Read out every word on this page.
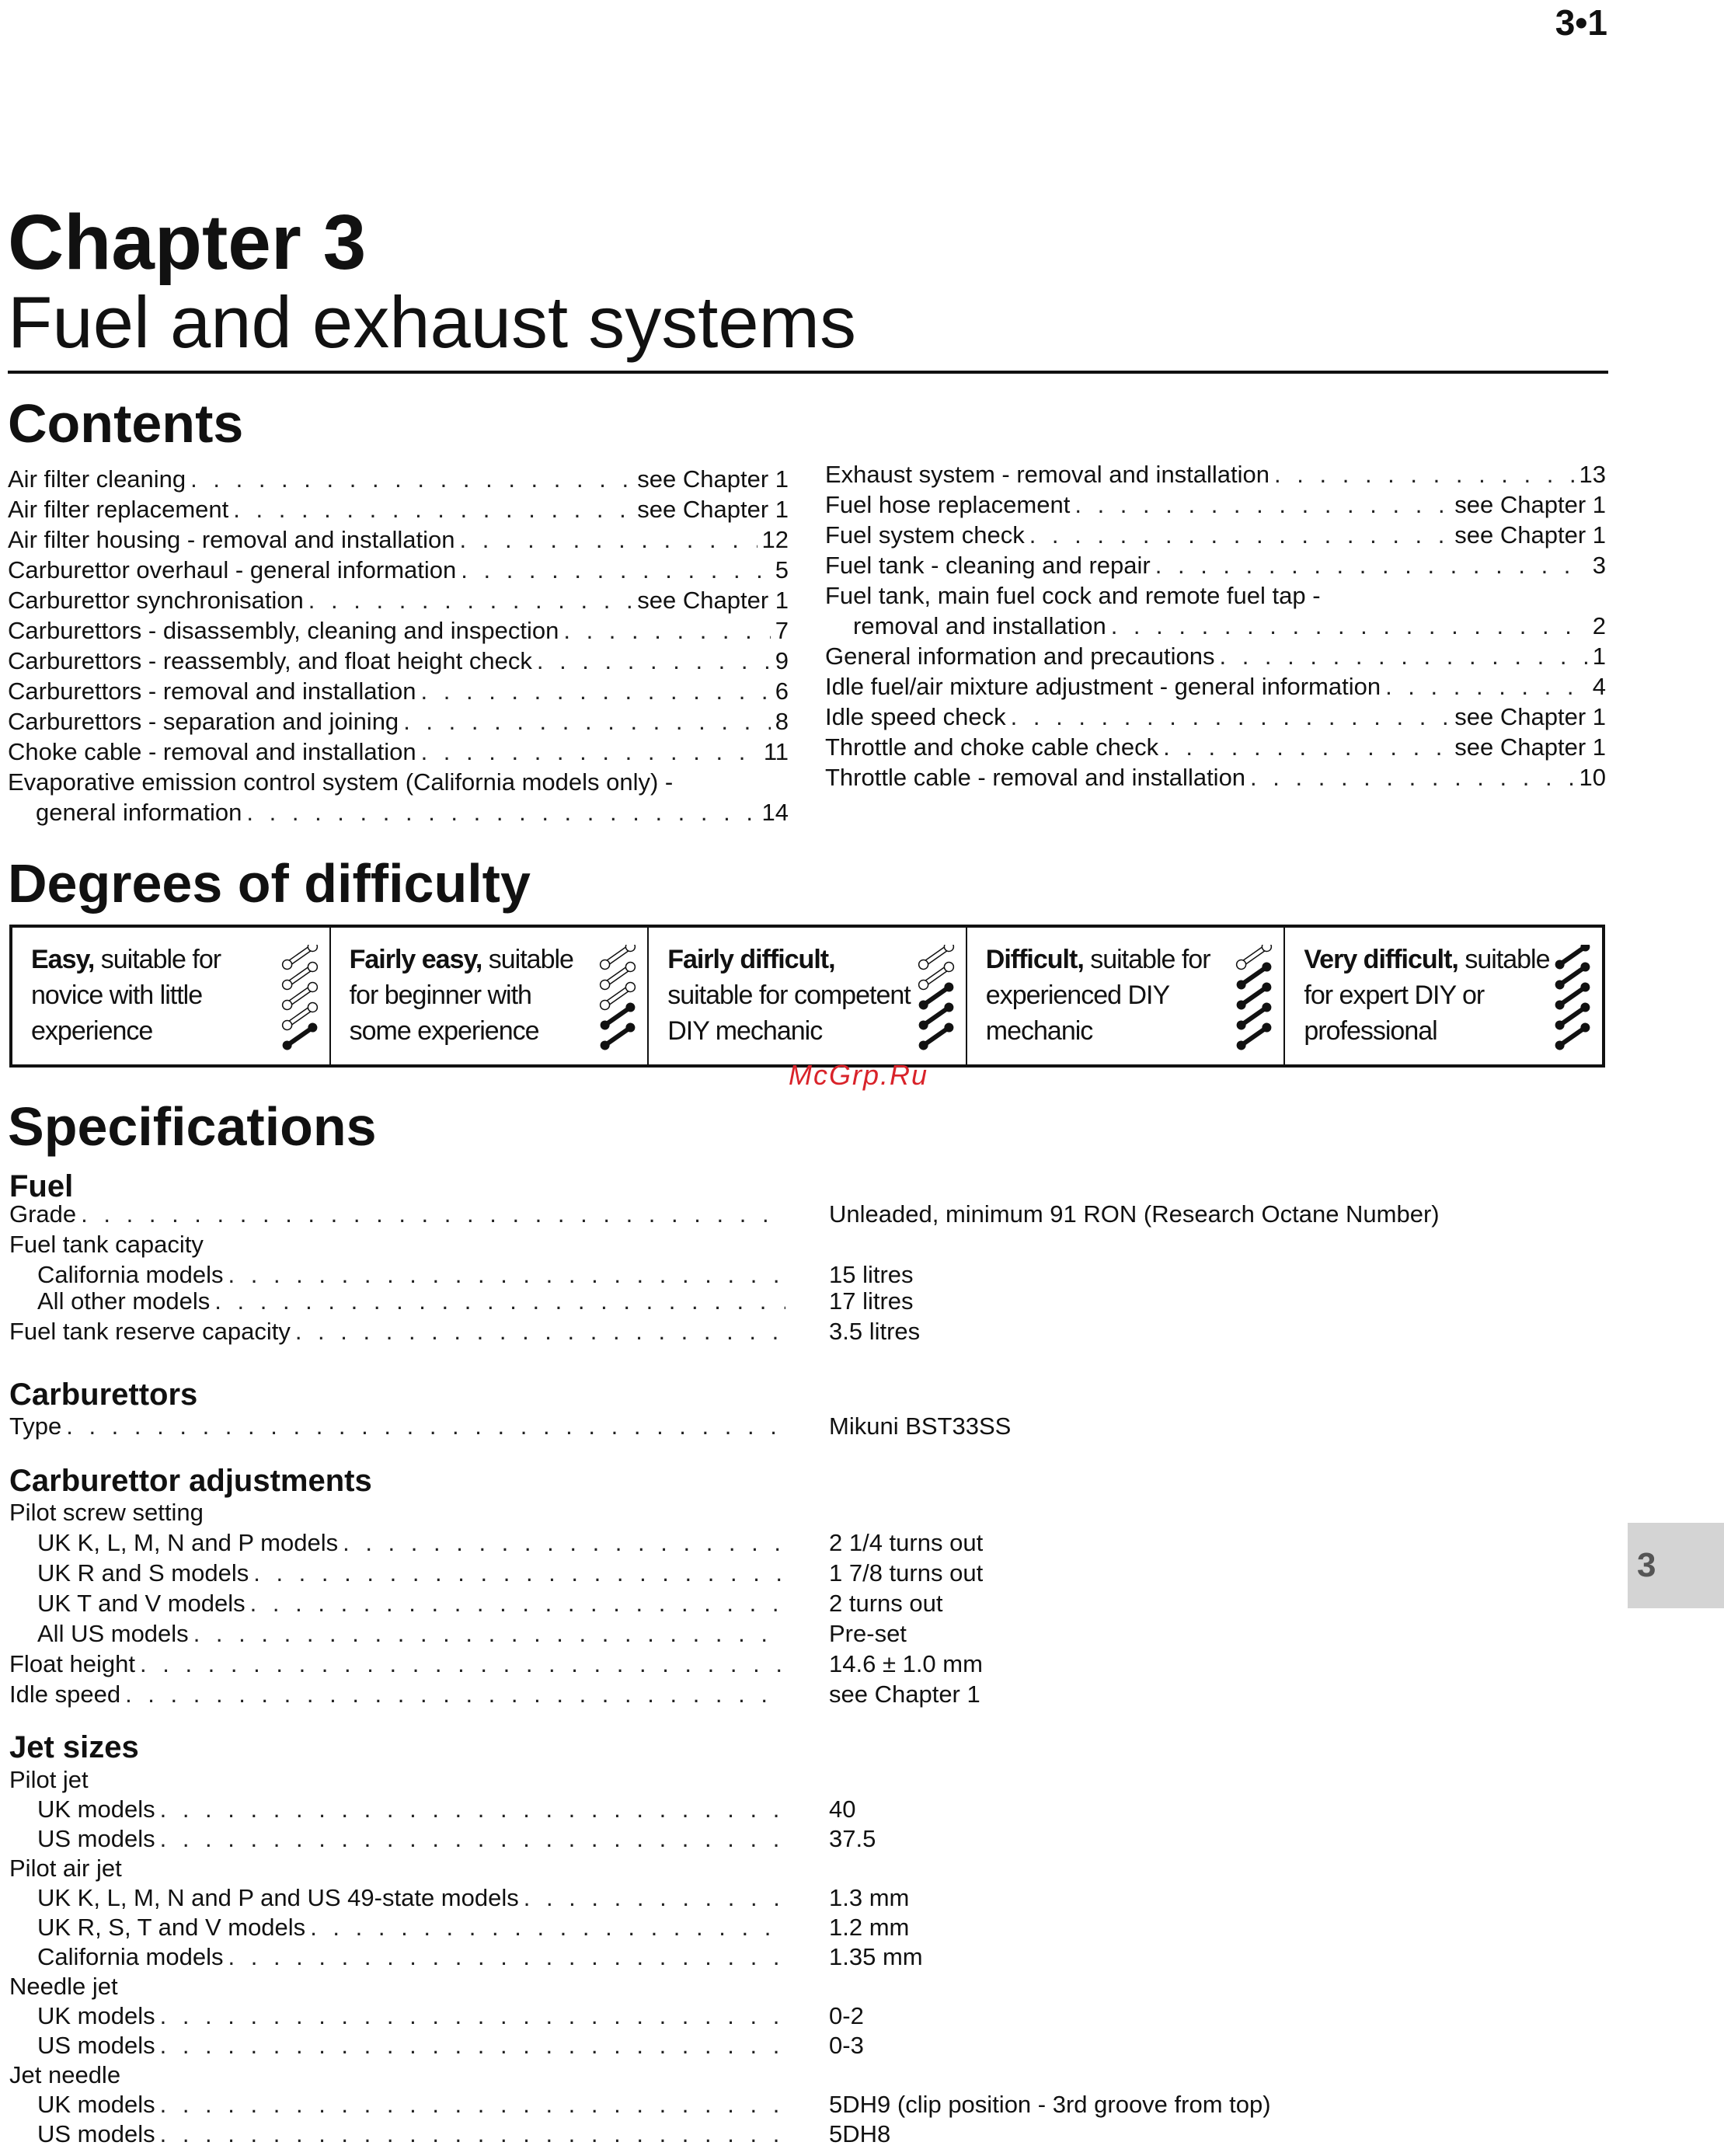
3•1
Chapter 3
Fuel and exhaust systems
Contents
Air filter cleaning . . .	see Chapter 1
Air filter replacement . . .	see Chapter 1
Air filter housing - removal and installation . . .	12
Carburettor overhaul - general information . . .	5
Carburettor synchronisation . . .	see Chapter 1
Carburettors - disassembly, cleaning and inspection . . .	7
Carburettors - reassembly, and float height check . . .	9
Carburettors - removal and installation . . .	6
Carburettors - separation and joining . . .	8
Choke cable - removal and installation . . .	11
Evaporative emission control system (California models only) -
general information . . .	14
Exhaust system - removal and installation . . .	13
Fuel hose replacement . . .	see Chapter 1
Fuel system check . . .	see Chapter 1
Fuel tank - cleaning and repair . . .	3
Fuel tank, main fuel cock and remote fuel tap -
removal and installation . . .	2
General information and precautions . . .	1
Idle fuel/air mixture adjustment - general information . . .	4
Idle speed check . . .	see Chapter 1
Throttle and choke cable check . . .	see Chapter 1
Throttle cable - removal and installation . . .	10
Degrees of difficulty
Easy, suitable for novice with little experience
Fairly easy, suitable for beginner with some experience
Fairly difficult, suitable for competent DIY mechanic
Difficult, suitable for experienced DIY mechanic
Very difficult, suitable for expert DIY or professional
McGrp.Ru
Specifications
Fuel
Grade . . .	Unleaded, minimum 91 RON (Research Octane Number)
Fuel tank capacity
California models . . .	15 litres
All other models . . .	17 litres
Fuel tank reserve capacity . . .	3.5 litres
Carburettors
Type . . .	Mikuni BST33SS
Carburettor adjustments
Pilot screw setting
UK K, L, M, N and P models . . .	2 1/4 turns out
UK R and S models . . .	1 7/8 turns out
UK T and V models . . .	2 turns out
All US models . . .	Pre-set
Float height . . .	14.6 ± 1.0 mm
Idle speed . . .	see Chapter 1
Jet sizes
Pilot jet
UK models . . .	40
US models . . .	37.5
Pilot air jet
UK K, L, M, N and P and US 49-state models . . .	1.3 mm
UK R, S, T and V models . . .	1.2 mm
California models . . .	1.35 mm
Needle jet
UK models . . .	0-2
US models . . .	0-3
Jet needle
UK models . . .	5DH9 (clip position - 3rd groove from top)
US models . . .	5DH8
3
